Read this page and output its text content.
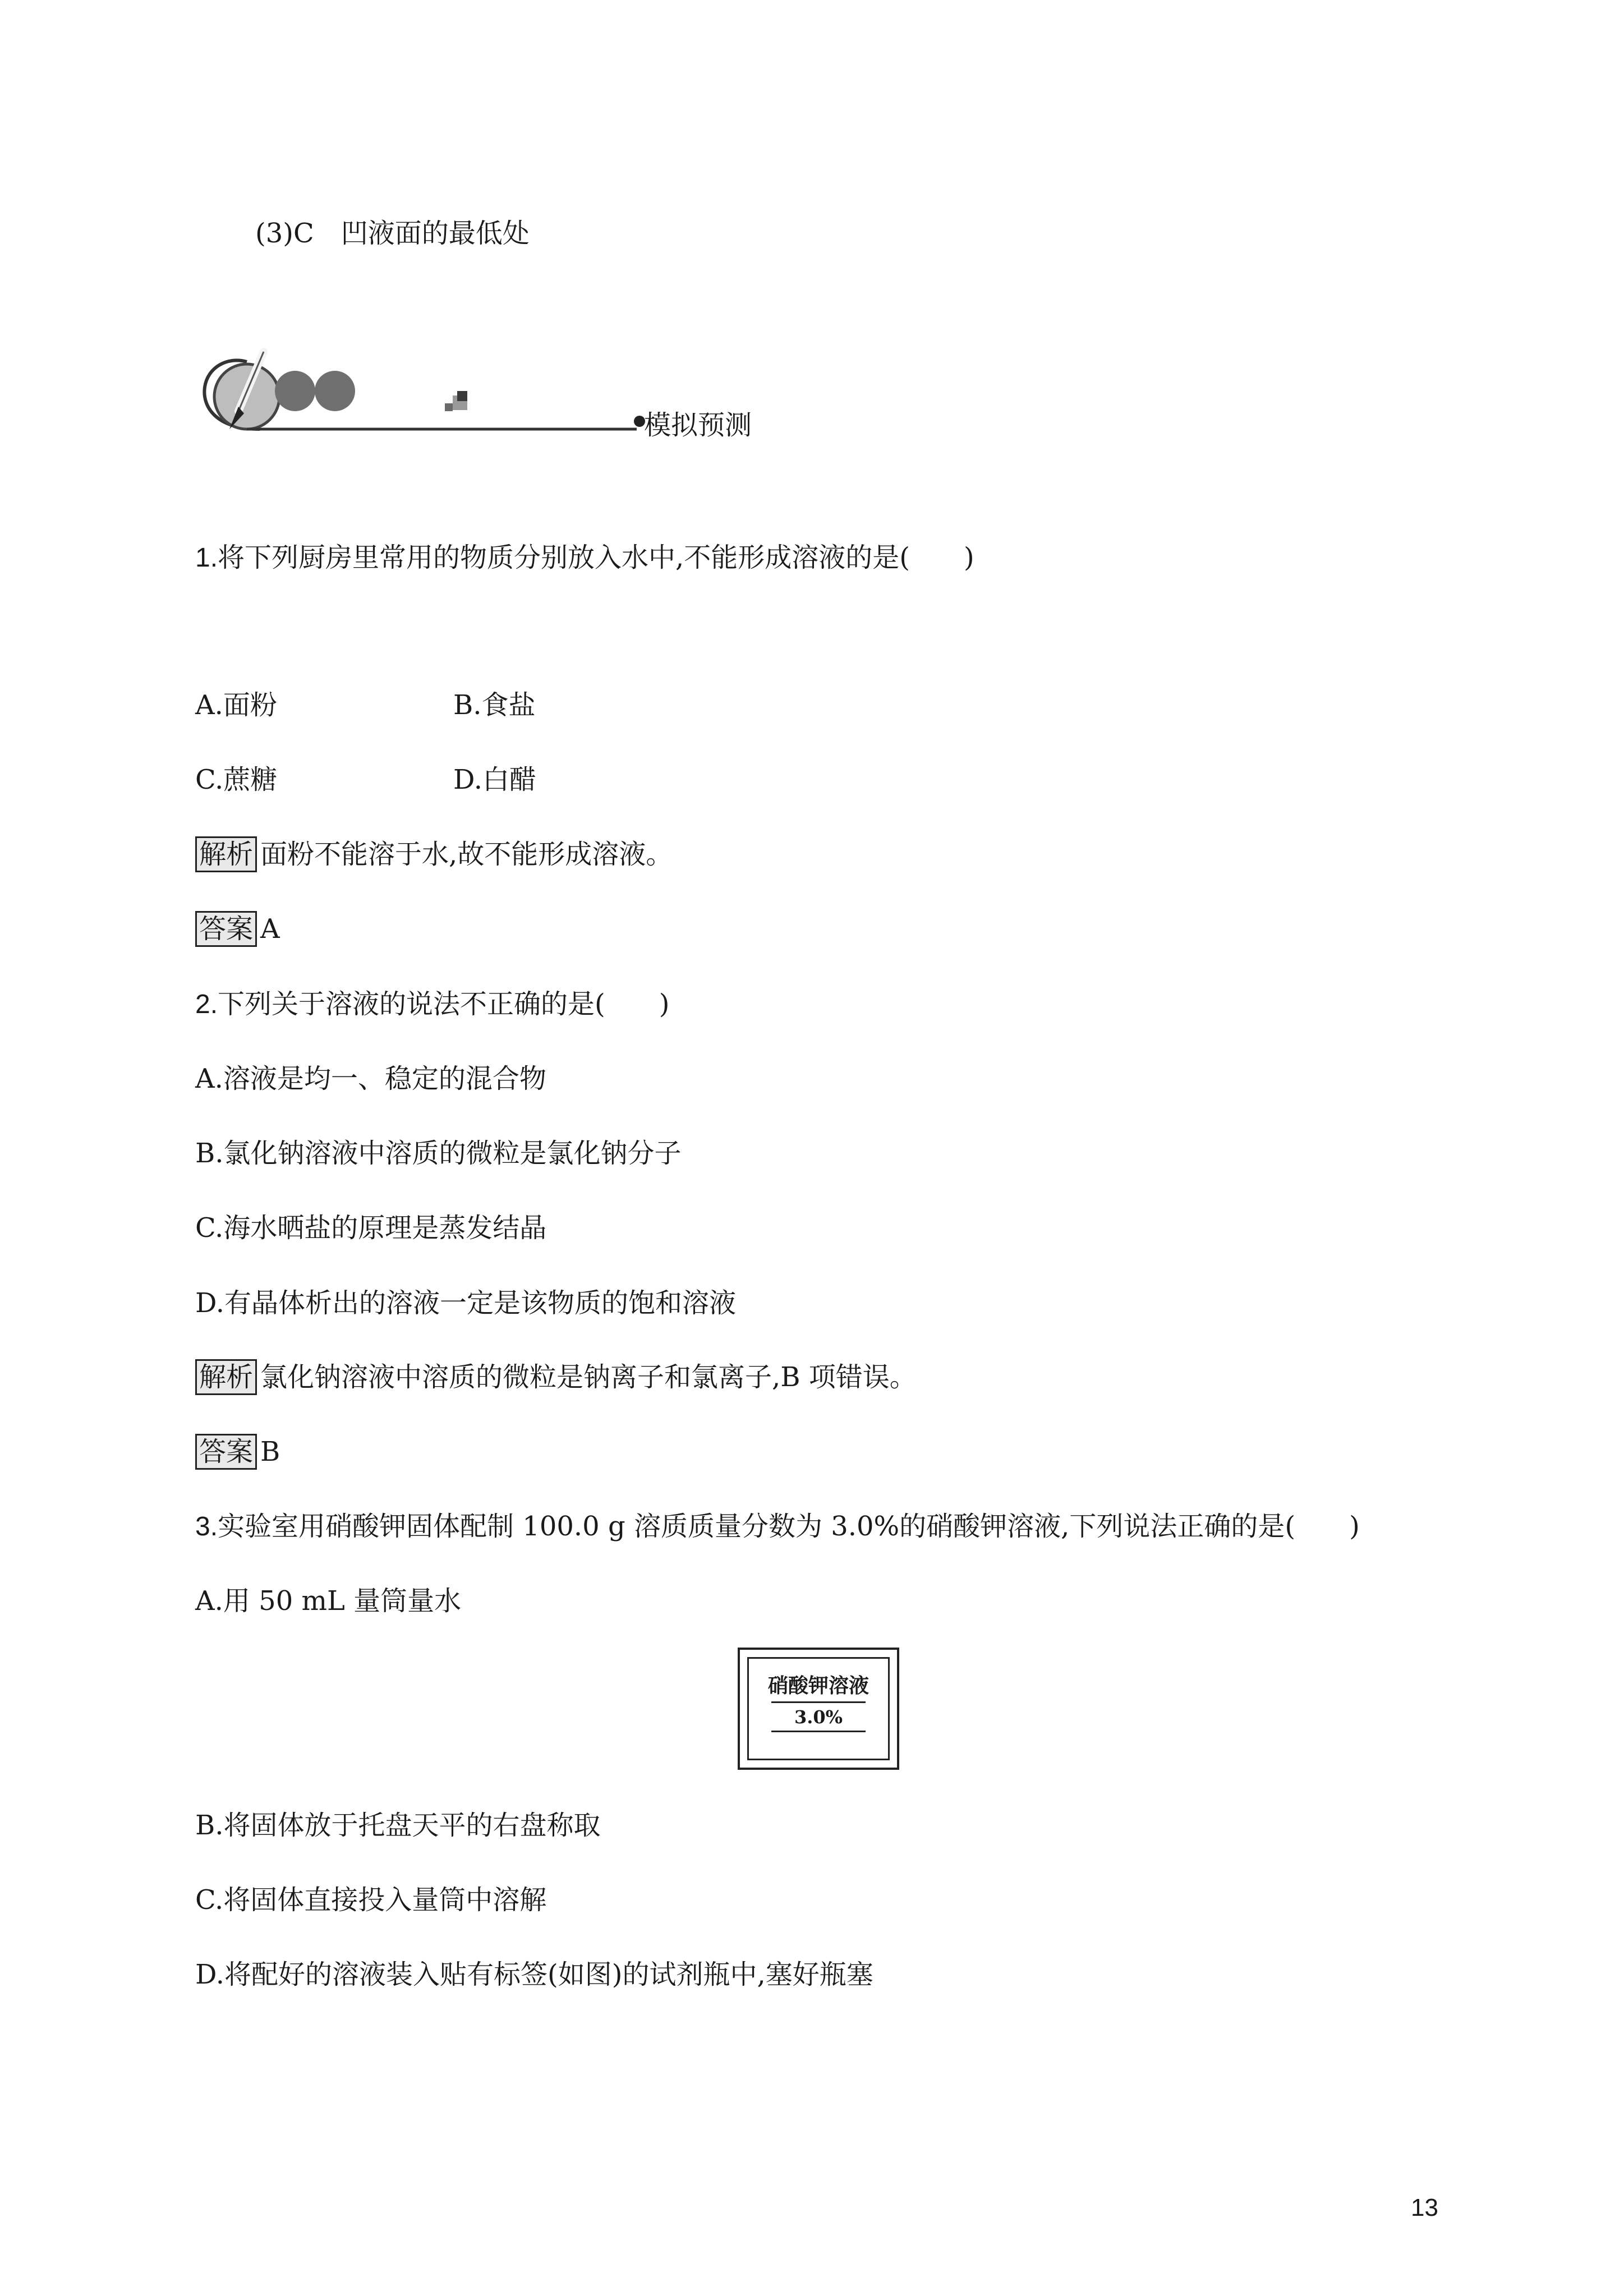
(3)C　凹液面的最低处
模拟预测
1.将下列厨房里常用的物质分别放入水中,不能形成溶液的是(　　)
A.面粉	B.食盐
C.蔗糖	D.白醋
解析 面粉不能溶于水,故不能形成溶液。
答案 A
2.下列关于溶液的说法不正确的是(　　)
A.溶液是均一、稳定的混合物
B.氯化钠溶液中溶质的微粒是氯化钠分子
C.海水晒盐的原理是蒸发结晶
D.有晶体析出的溶液一定是该物质的饱和溶液
解析 氯化钠溶液中溶质的微粒是钠离子和氯离子,B 项错误。
答案 B
3.实验室用硝酸钾固体配制 100.0 g 溶质质量分数为 3.0%的硝酸钾溶液,下列说法正确的是(　　)
A.用 50 mL 量筒量水
硝酸钾溶液
3.0%
B.将固体放于托盘天平的右盘称取
C.将固体直接投入量筒中溶解
D.将配好的溶液装入贴有标签(如图)的试剂瓶中,塞好瓶塞
13
